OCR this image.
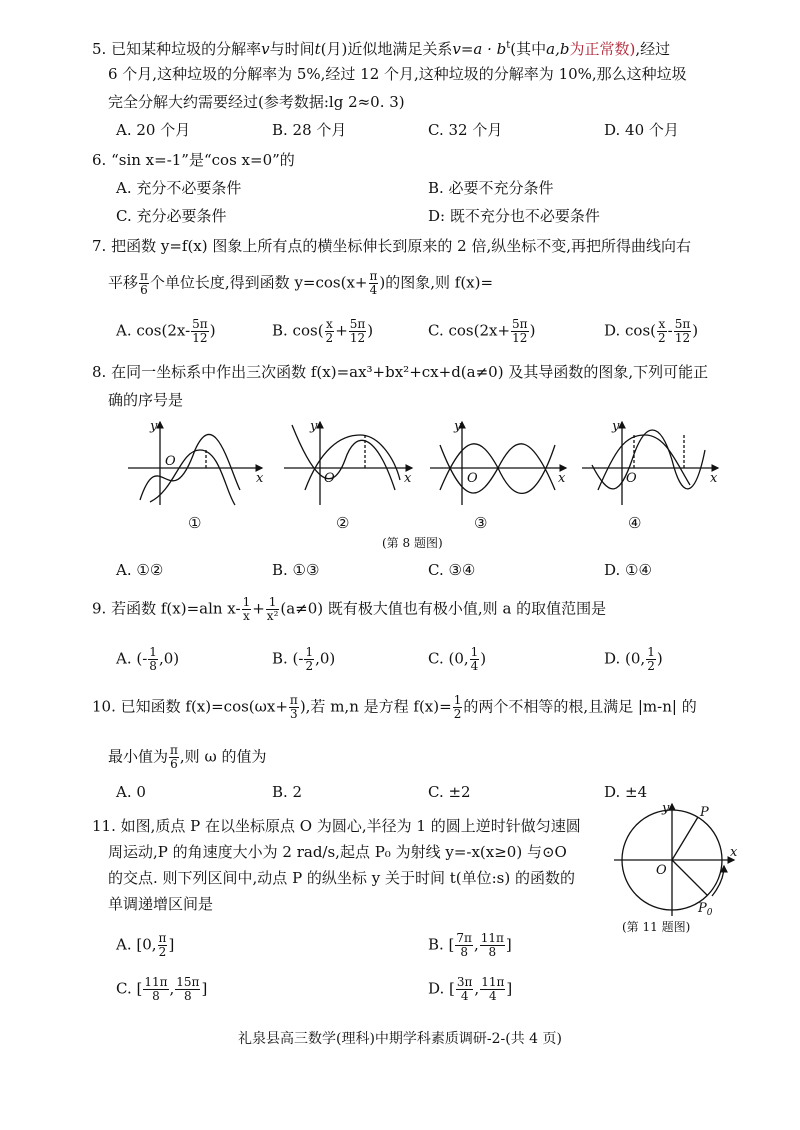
5. 已知某种垃圾的分解率v与时间t(月)近似地满足关系$v=a \cdot b^t$(其中a,b为正常数),经过
6 个月,这种垃圾的分解率为 5%,经过 12 个月,这种垃圾的分解率为 10%,那么这种垃圾
完全分解大约需要经过(参考数据:lg 2≈0. 3)
A. 20 个月	B. 28 个月	C. 32 个月	D. 40 个月
6. “sin x=-1”是“cos x=0”的
A. 充分不必要条件	B. 必要不充分条件
C. 充分必要条件	D: 既不充分也不必要条件
7. 把函数 y=f(x) 图象上所有点的横坐标伸长到原来的 2 倍,纵坐标不变,再把所得曲线向右
平移 $\frac{\pi}{6}$ 个单位长度,得到函数 $y=\cos(x+ \frac{\pi}{4}$ )的图象,则 f(x)=
A. $\cos(2x- \frac{5\pi}{12}$ )	B. $\cos( \frac{x}{2} + \frac{5\pi}{12}$ )	C. $\cos(2x+ \frac{5\pi}{12}$ )	D. $\cos( \frac{x}{2} - \frac{5\pi}{12}$ )
8. 在同一坐标系中作出三次函数 f(x)=ax³+bx²+cx+d(a≠0) 及其导函数的图象,下列可能正
确的序号是
y
x
O
y
x
O
y
x
O
y
x
O
①	②	③	④
(第 8 题图)
A. ①②	B. ①③	C. ③④	D. ①④
9. 若函数 f(x)=aln $x- \frac{1}{x} + \frac{1}{\text{x²}} (a\ne 0)$ 既有极大值也有极小值,则 a 的取值范围是
A. (- $\frac{1}{8} ,0$)	B. (- $\frac{1}{2} ,0$)	C. (0, $\frac{1}{4}$ )	D. (0, $\frac{1}{2}$ )
10. 已知函数 $f(x)=\cos(\omega x+ \frac{\pi}{3}$ ),若 m,n 是方程 $f(x)= \frac{1}{2}$ 的两个不相等的根,且满足 |m-n| 的
最小值为 $\frac{\pi}{6}$ ,则 ω 的值为
A. 0	B. 2	C. ±2	D. ±4
11. 如图,质点 P 在以坐标原点 O 为圆心,半径为 1 的圆上逆时针做匀速圆
周运动,P 的角速度大小为 2 rad/s,起点 P₀ 为射线 y=-x(x≥0) 与⊙O
的交点. 则下列区间中,动点 P 的纵坐标 y 关于时间 t(单位:s) 的函数的
单调递增区间是
y
x
O
P
$P_0$
(第 11 题图)
A. [0, $\frac{\pi}{2}$ ]	B. [ $\frac{7\pi}{8}$ , $\frac{11\pi}{8}$ ]
C. [ $\frac{11\pi}{8}$ , $\frac{15\pi}{8}$ ]	D. [ $\frac{3\pi}{4}$ , $\frac{11\pi}{4}$ ]
礼泉县高三数学(理科)中期学科素质调研-2-(共 4 页)
